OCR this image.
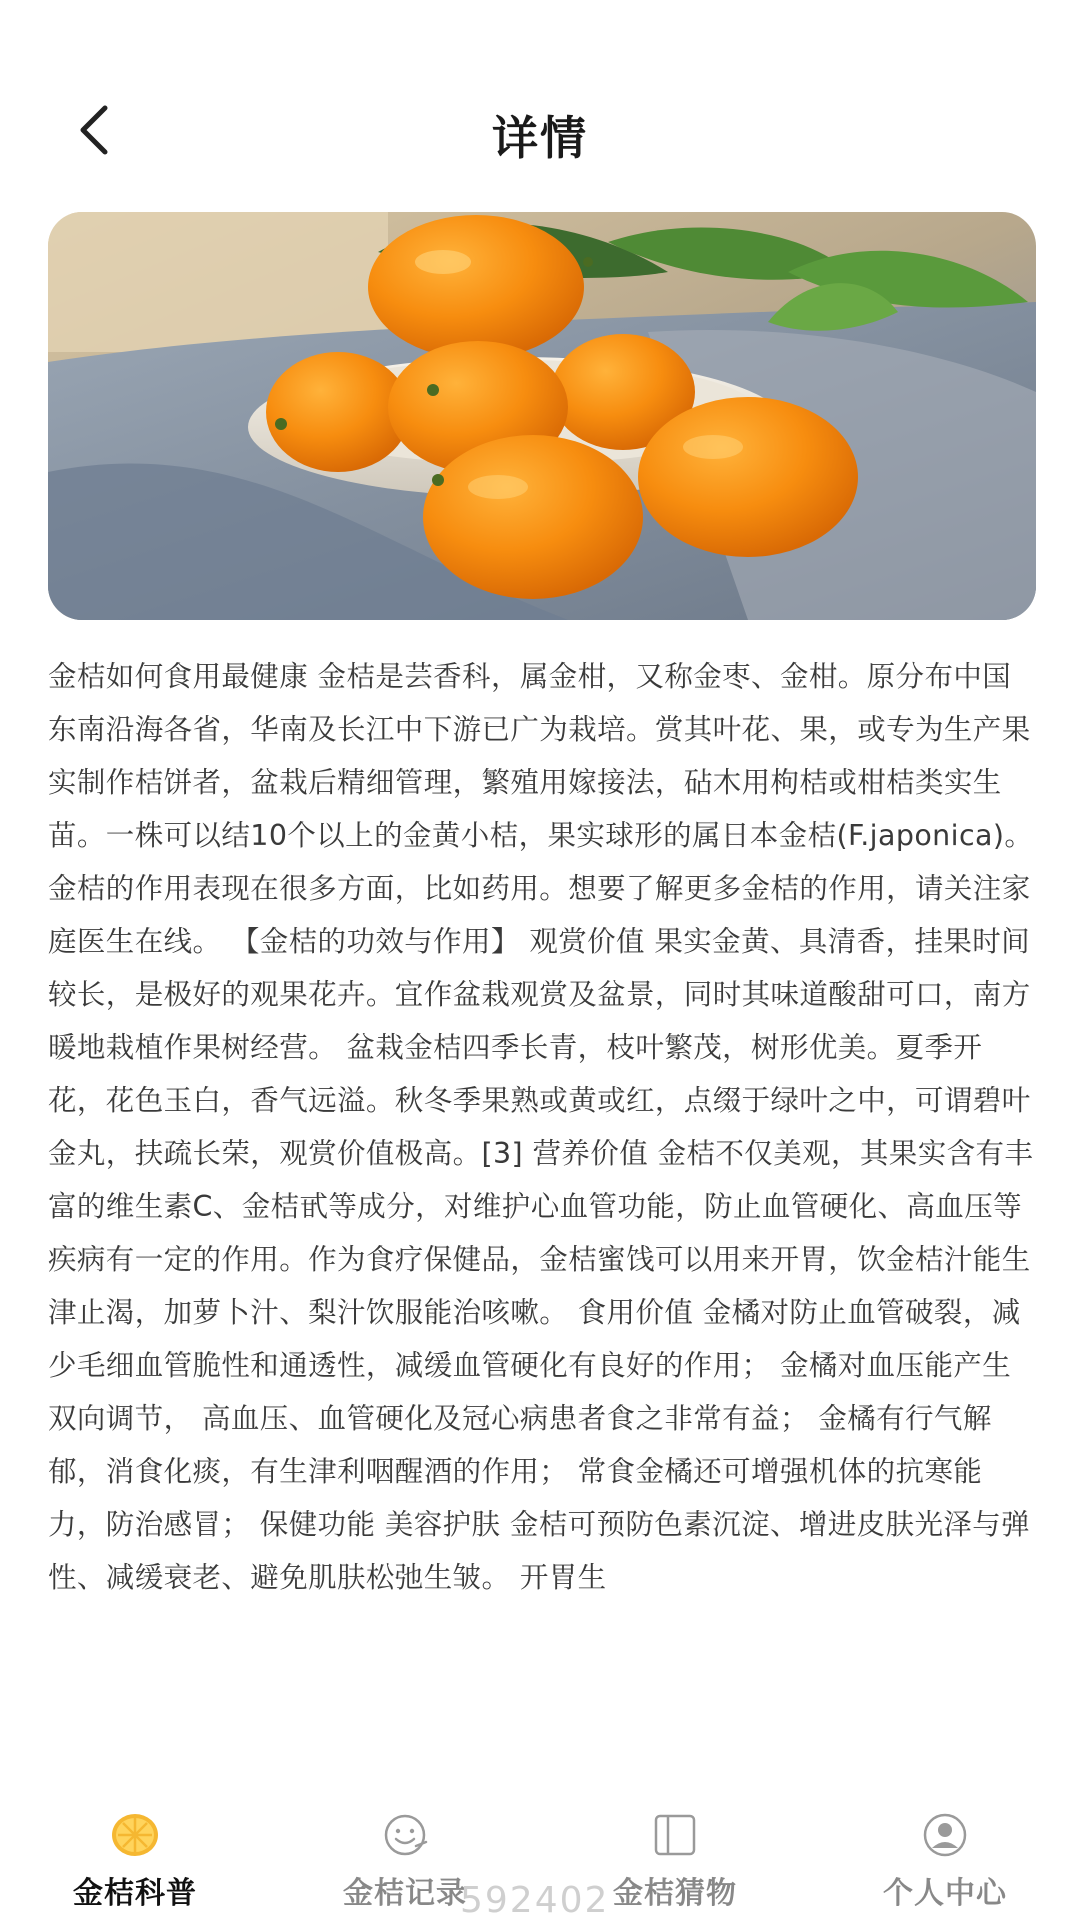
详情
金桔如何食用最健康 金桔是芸香科，属金柑，又称金枣、金柑。原分布中国东南沿海各省，华南及长江中下游已广为栽培。赏其叶花、果，或专为生产果实制作桔饼者，盆栽后精细管理，繁殖用嫁接法，砧木用枸桔或柑桔类实生苗。一株可以结10个以上的金黄小桔，果实球形的属日本金桔(F.japonica)。金桔的作用表现在很多方面，比如药用。想要了解更多金桔的作用，请关注家庭医生在线。 【金桔的功效与作用】 观赏价值 果实金黄、具清香，挂果时间较长，是极好的观果花卉。宜作盆栽观赏及盆景，同时其味道酸甜可口，南方暖地栽植作果树经营。 盆栽金桔四季长青，枝叶繁茂，树形优美。夏季开花，花色玉白，香气远溢。秋冬季果熟或黄或红，点缀于绿叶之中，可谓碧叶金丸，扶疏长荣，观赏价值极高。[3] 营养价值 金桔不仅美观，其果实含有丰富的维生素C、金桔甙等成分，对维护心血管功能，防止血管硬化、高血压等疾病有一定的作用。作为食疗保健品，金桔蜜饯可以用来开胃，饮金桔汁能生津止渴，加萝卜汁、梨汁饮服能治咳嗽。 食用价值 金橘对防止血管破裂，减少毛细血管脆性和通透性，减缓血管硬化有良好的作用； 金橘对血压能产生双向调节， 高血压、血管硬化及冠心病患者食之非常有益； 金橘有行气解郁，消食化痰，有生津利咽醒酒的作用； 常食金橘还可增强机体的抗寒能力，防治感冒； 保健功能 美容护肤 金桔可预防色素沉淀、增进皮肤光泽与弹性、减缓衰老、避免肌肤松弛生皱。 开胃生
金桔科普	金桔记录	金桔猜物	个人中心
592402
